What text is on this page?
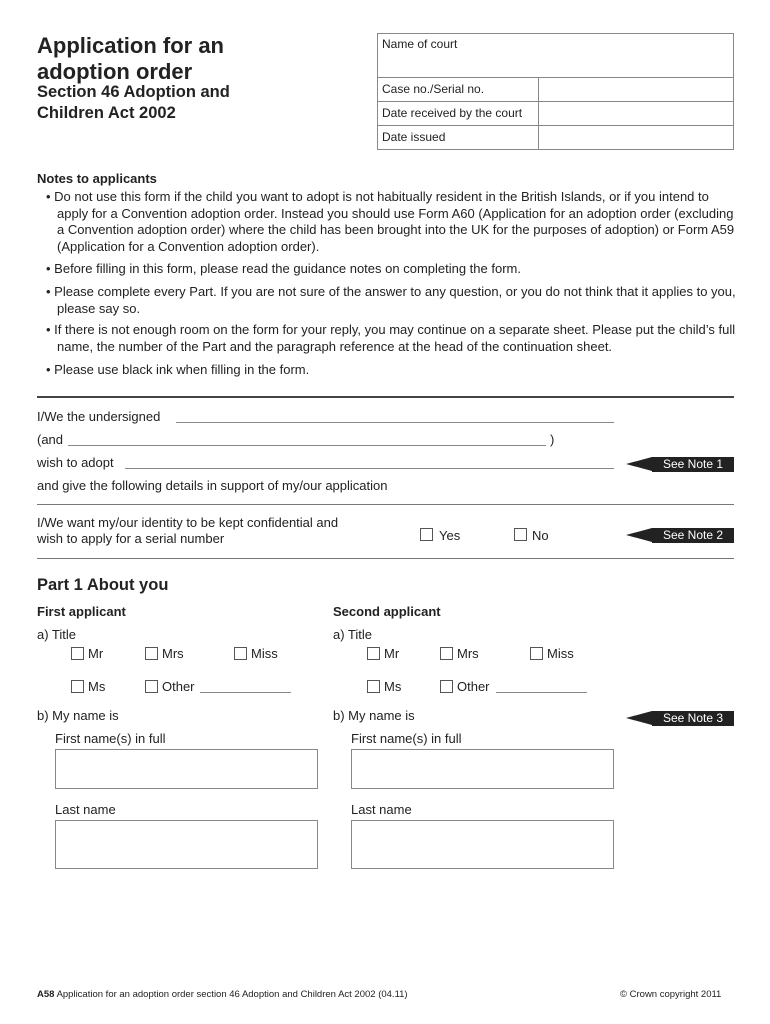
Application for an
adoption order
Section 46 Adoption and
Children Act 2002
Name of court
Case no./Serial no.
Date received by the court
Date issued
Notes to applicants
• Do not use this form if the child you want to adopt is not habitually resident in the British Islands, or if you intend to apply for a Convention adoption order. Instead you should use Form A60 (Application for an adoption order (excluding a Convention adoption order) where the child has been brought into the UK for the purposes of adoption) or Form A59 (Application for a Convention adoption order).
• Before filling in this form, please read the guidance notes on completing the form.
• Please complete every Part. If you are not sure of the answer to any question, or you do not think that it applies to you, please say so.
• If there is not enough room on the form for your reply, you may continue on a separate sheet. Please put the child’s full name, the number of the Part and the paragraph reference at the head of the continuation sheet.
• Please use black ink when filling in the form.
I/We the undersigned
(and	)
wish to adopt	See Note 1
and give the following details in support of my/our application
I/We want my/our identity to be kept confidential and
wish to apply for a serial number	Yes	No	See Note 2
Part 1 About you
First applicant
a) Title
Mr	Mrs	Miss
Ms	Other
b) My name is
First name(s) in full
Last name
Second applicant
a) Title
Mr	Mrs	Miss
Ms	Other
b) My name is
First name(s) in full
Last name
See Note 3
A58 Application for an adoption order section 46 Adoption and Children Act 2002 (04.11)	© Crown copyright 2011
